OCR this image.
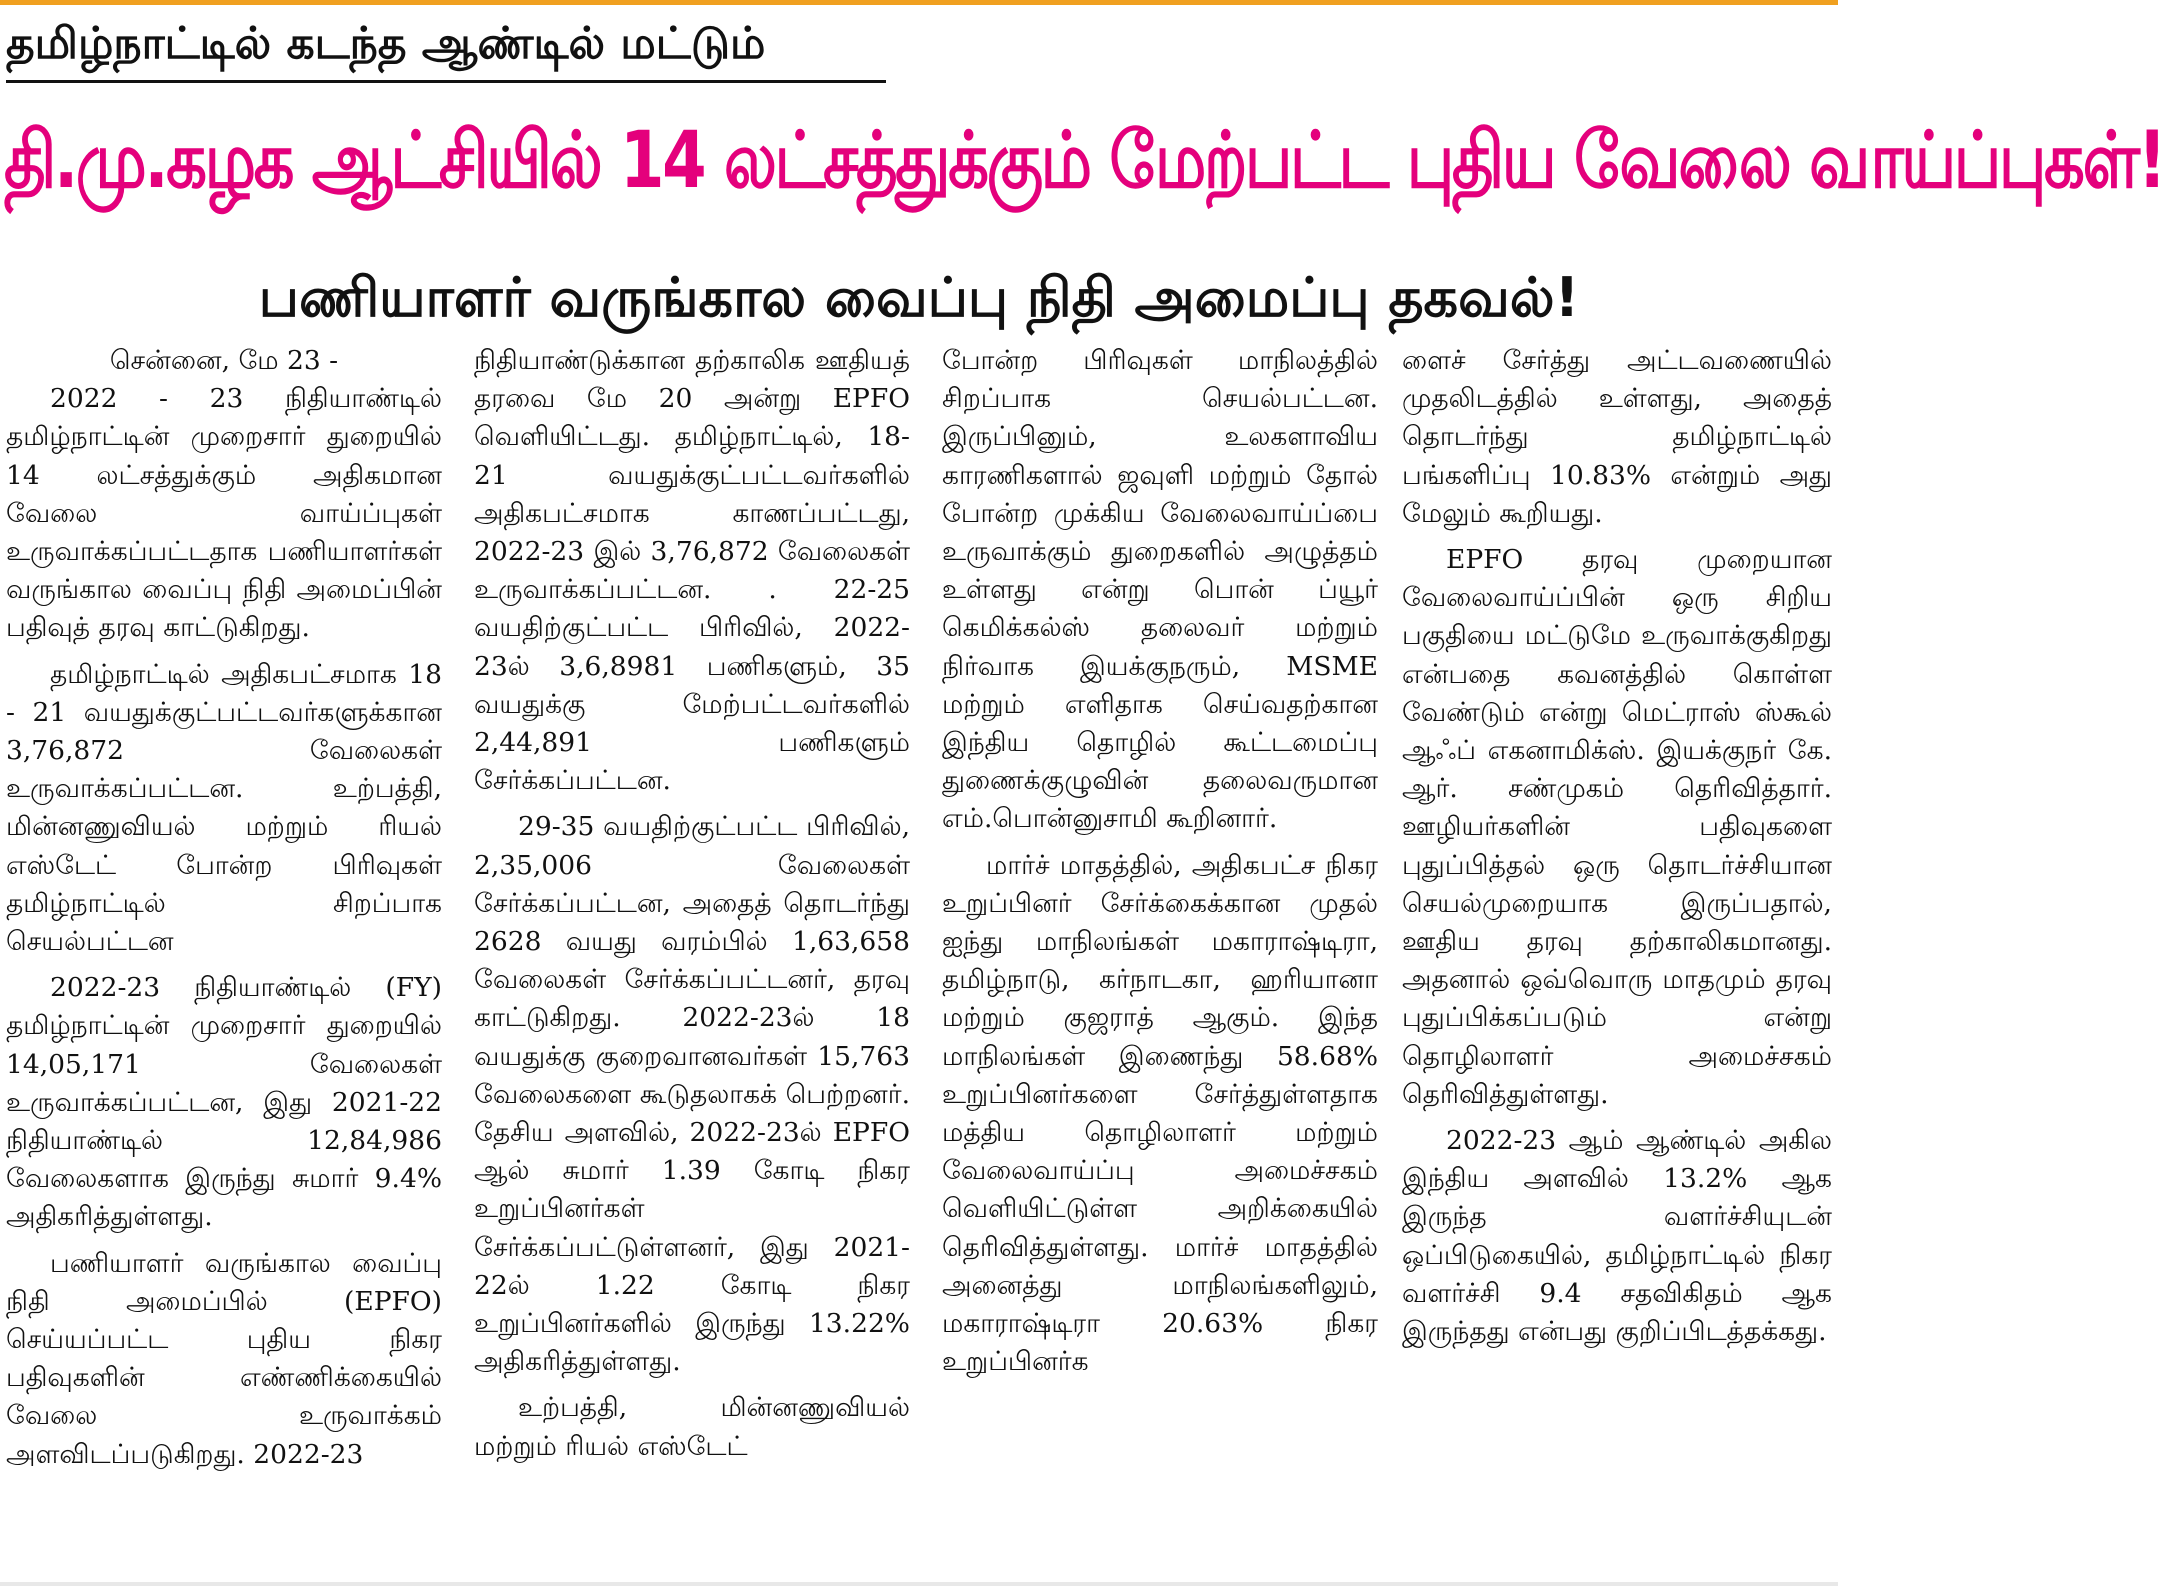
தமிழ்நாட்டில் கடந்த ஆண்டில் மட்டும்
தி.மு.கழக ஆட்சியில் 14 லட்சத்துக்கும் மேற்பட்ட புதிய வேலை வாய்ப்புகள்!
பணியாளர் வருங்கால வைப்பு நிதி அமைப்பு தகவல்!
சென்னை, மே 23 -

2022 - 23 நிதியாண்டில் தமிழ்நாட்டின் முறைசார் துறையில் 14 லட்சத்துக்கும் அதிகமான வேலை வாய்ப்புகள் உருவாக்கப்பட்டதாக பணியாளர்கள் வருங்கால வைப்பு நிதி அமைப்பின் பதிவுத் தரவு காட்டுகிறது.

தமிழ்நாட்டில் அதிகபட்சமாக 18 - 21 வயதுக்குட்பட்டவர்களுக்கான 3,76,872 வேலைகள் உருவாக்கப்பட்டன. உற்பத்தி, மின்னணுவியல் மற்றும் ரியல் எஸ்டேட் போன்ற பிரிவுகள் தமிழ்நாட்டில் சிறப்பாக செயல்பட்டன

2022-23 நிதியாண்டில் (FY) தமிழ்நாட்டின் முறைசார் துறையில் 14,05,171 வேலைகள் உருவாக்கப்பட்டன, இது 2021-22 நிதியாண்டில் 12,84,986 வேலைகளாக இருந்து சுமார் 9.4% அதிகரித்துள்ளது.

பணியாளர் வருங்கால வைப்பு நிதி அமைப்பில் (EPFO) செய்யப்பட்ட புதிய நிகர பதிவுகளின் எண்ணிக்கையில் வேலை உருவாக்கம் அளவிடப்படுகிறது. 2022-23

நிதியாண்டுக்கான தற்காலிக ஊதியத் தரவை மே 20 அன்று EPFO வெளியிட்டது. தமிழ்நாட்டில், 18- 21 வயதுக்குட்பட்டவர்களில் அதிகபட்சமாக காணப்பட்டது, 2022-23 இல் 3,76,872 வேலைகள் உருவாக்கப்பட்டன. . 22-25 வயதிற்குட்பட்ட பிரிவில், 2022-23ல் 3,6,8981 பணிகளும், 35 வயதுக்கு மேற்பட்டவர்களில் 2,44,891 பணிகளும் சேர்க்கப்பட்டன.

29-35 வயதிற்குட்பட்ட பிரிவில், 2,35,006 வேலைகள் சேர்க்கப்பட்டன, அதைத் தொடர்ந்து 2628 வயது வரம்பில் 1,63,658 வேலைகள் சேர்க்கப்பட்டனர், தரவு காட்டுகிறது. 2022-23ல் 18 வயதுக்கு குறைவானவர்கள் 15,763 வேலைகளை கூடுதலாகக் பெற்றனர். தேசிய அளவில், 2022-23ல் EPFO ஆல் சுமார் 1.39 கோடி நிகர உறுப்பினர்கள் சேர்க்கப்பட்டுள்ளனர், இது 2021-22ல் 1.22 கோடி நிகர உறுப்பினர்களில் இருந்து 13.22% அதிகரித்துள்ளது.

உற்பத்தி, மின்னணுவியல் மற்றும் ரியல் எஸ்டேட்

போன்ற பிரிவுகள் மாநிலத்தில் சிறப்பாக செயல்பட்டன. இருப்பினும், உலகளாவிய காரணிகளால் ஜவுளி மற்றும் தோல் போன்ற முக்கிய வேலைவாய்ப்பை உருவாக்கும் துறைகளில் அழுத்தம் உள்ளது என்று பொன் ப்யூர் கெமிக்கல்ஸ் தலைவர் மற்றும் நிர்வாக இயக்குநரும், MSME மற்றும் எளிதாக செய்வதற்கான இந்திய தொழில் கூட்டமைப்பு துணைக்குழுவின் தலைவருமான எம்.பொன்னுசாமி கூறினார்.

மார்ச் மாதத்தில், அதிகபட்ச நிகர உறுப்பினர் சேர்க்கைக்கான முதல் ஐந்து மாநிலங்கள் மகாராஷ்டிரா, தமிழ்நாடு, கர்நாடகா, ஹரியானா மற்றும் குஜராத் ஆகும். இந்த மாநிலங்கள் இணைந்து 58.68% உறுப்பினர்களை சேர்த்துள்ளதாக மத்திய தொழிலாளர் மற்றும் வேலைவாய்ப்பு அமைச்சகம் வெளியிட்டுள்ள அறிக்கையில் தெரிவித்துள்ளது. மார்ச் மாதத்தில் அனைத்து மாநிலங்களிலும், மகாராஷ்டிரா 20.63% நிகர உறுப்பினர்க

ளைச் சேர்த்து அட்டவணையில் முதலிடத்தில் உள்ளது, அதைத் தொடர்ந்து தமிழ்நாட்டில் பங்களிப்பு 10.83% என்றும் அது மேலும் கூறியது.

EPFO தரவு முறையான வேலைவாய்ப்பின் ஒரு சிறிய பகுதியை மட்டுமே உருவாக்குகிறது என்பதை கவனத்தில் கொள்ள வேண்டும் என்று மெட்ராஸ் ஸ்கூல் ஆஃப் எகனாமிக்ஸ். இயக்குநர் கே. ஆர். சண்முகம் தெரிவித்தார். ஊழியர்களின் பதிவுகளை புதுப்பித்தல் ஒரு தொடர்ச்சியான செயல்முறையாக இருப்பதால், ஊதிய தரவு தற்காலிகமானது. அதனால் ஒவ்வொரு மாதமும் தரவு புதுப்பிக்கப்படும் என்று தொழிலாளர் அமைச்சகம் தெரிவித்துள்ளது.

2022-23 ஆம் ஆண்டில் அகில இந்திய அளவில் 13.2% ஆக இருந்த வளர்ச்சியுடன் ஒப்பிடுகையில், தமிழ்நாட்டில் நிகர வளர்ச்சி 9.4 சதவிகிதம் ஆக இருந்தது என்பது குறிப்பிடத்தக்கது.
